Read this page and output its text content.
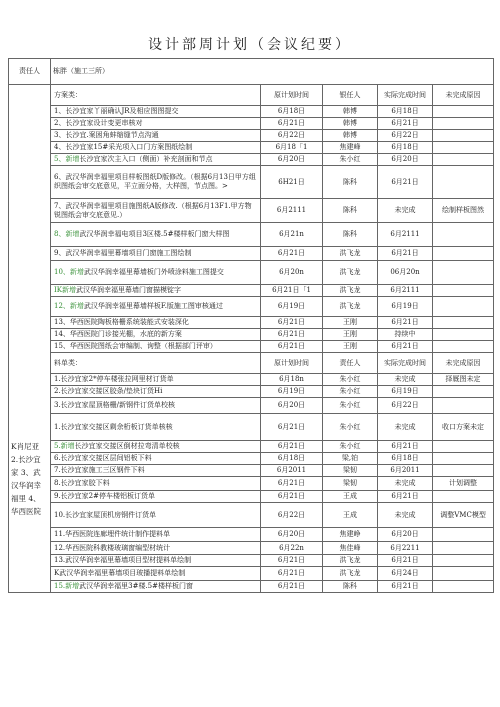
设计部周计划（会议纪要）
责任人	栋胖（施工三所）				
K肖尼亚 2.长沙宜家 3、武汉华润幸福里 4、华西医院	方案类：	原计划时间	银任人	实际完成时间	未完成原因
	1、长沙宜家丫丽确认JR及相应图图提交	6月18日	韩博	6月18日	
	2、长沙宜家设计变更串核对	6月21日	韩博	6月21日	
	3、长沙宜.案困角蚌缩缝节点沟通	6月22日	韩博	6月22日	
	4、长沙宜家15#采光项入口门方案图纸绘制	6月18「1	焦建峰	6月18日	
	5、新增长沙宜家次主入口（侧面）补充剖面和节点	6月20日	朱小红	6月20日	
	6、武汉华润幸福里项目样板图纸D版修改。（根据6月13日甲方组织图纸会审交底意见，平立面分格，大样图，节点图。>	6H21日	陈科	6月21日	
	7、武汉华润幸福里项目施图纸A版修改.（根据6月13F1.甲方物锐图纸会审交底意见.）	6月2111	陈科	未完成	绘制样板图然
	8、新增武汉华润幸福电项目3区楼.5#楼样板门窗大样图	6月21n	陈科	6月2111	
	9、武汉华润幸福里幕墙项目门窗施工图绘制	6月21日	洪飞龙	6月21日	
	10、新增武汉华润幸福里幕墙板门外喷涂料施工图提交	6月20n	洪飞龙	06月20n	
	IK新增武汉华润幸福里幕墙门窗描模锭字	6月21日「1	洪飞龙	6月2111	
	12、新增武汉华润幸福里幕墙样板F.版施工图审核通过	6月19日	洪飞龙	6月19日	
	13、华西医院陶板格栅系统装能式安装深化	6月21日	王刚	6月21日	
	14、华西医院门诊接光棚，水底的新方案	6月21日	王刚	持续中	
	15、华西医院图纸会审编制、询整（根据部门评审）	6月21日	王刚	6月21日	
	料单类：	原计划时间	责任人	实际完成时间	未完成原因
	1.长沙宜家2*停车楼张拉网里材订货单	6月18n	朱小红	未完成	择厩图未定
	2.长沙宜家交接区胶条/垫块订货Hi	6月19日	朱小红	6月19日	
	3.长沙宜家屋顶格栅/新钢件订货单校核	6月20日	朱小红	6月22日	
	1.长沙宜家交接区剩余桁板订货单核核	6月21日	朱小红	未完成	收口方案未定
	5.新增长沙宜家交接区倒材拉弯清单校核	6月21日	朱小红	6月21日	
	6.长沙宜家交接区层间铝板下料	6月18日	梁,铂	6月18日	
	7.长沙宜家施工三区钢件下料	6月2011	梁韧	6月2011	
	8.长沙宜家胶下料	6月21日	梁韧	未完成	计划调整
	9.长沙宜家2#停车楼铝板订货单	6月21日	王成	6月21日	
	10.长沙宜家屋顶机房钢件订货单	6月22日	王成	未完成	调整VMC模型
	11.华西医院连廊埋件统计制作提料单	6月20日	焦建峥	6月20日	
	12.华西医院科教楼玻璃窗编型材统计	6月22n	焦佳峰	6月2211	
	13.武汉华润幸福里幕墙项目型材提料单绘制	6月21日	洪飞龙	6月21日	
	K武汉华润幸福里幕墙项目玻播提料单绘制	6月21日	洪飞龙	6月24日	
	15.新增武汉华润幸福里3#楼.5#楼样板门窗	6月21日	陈科	6月21日	
